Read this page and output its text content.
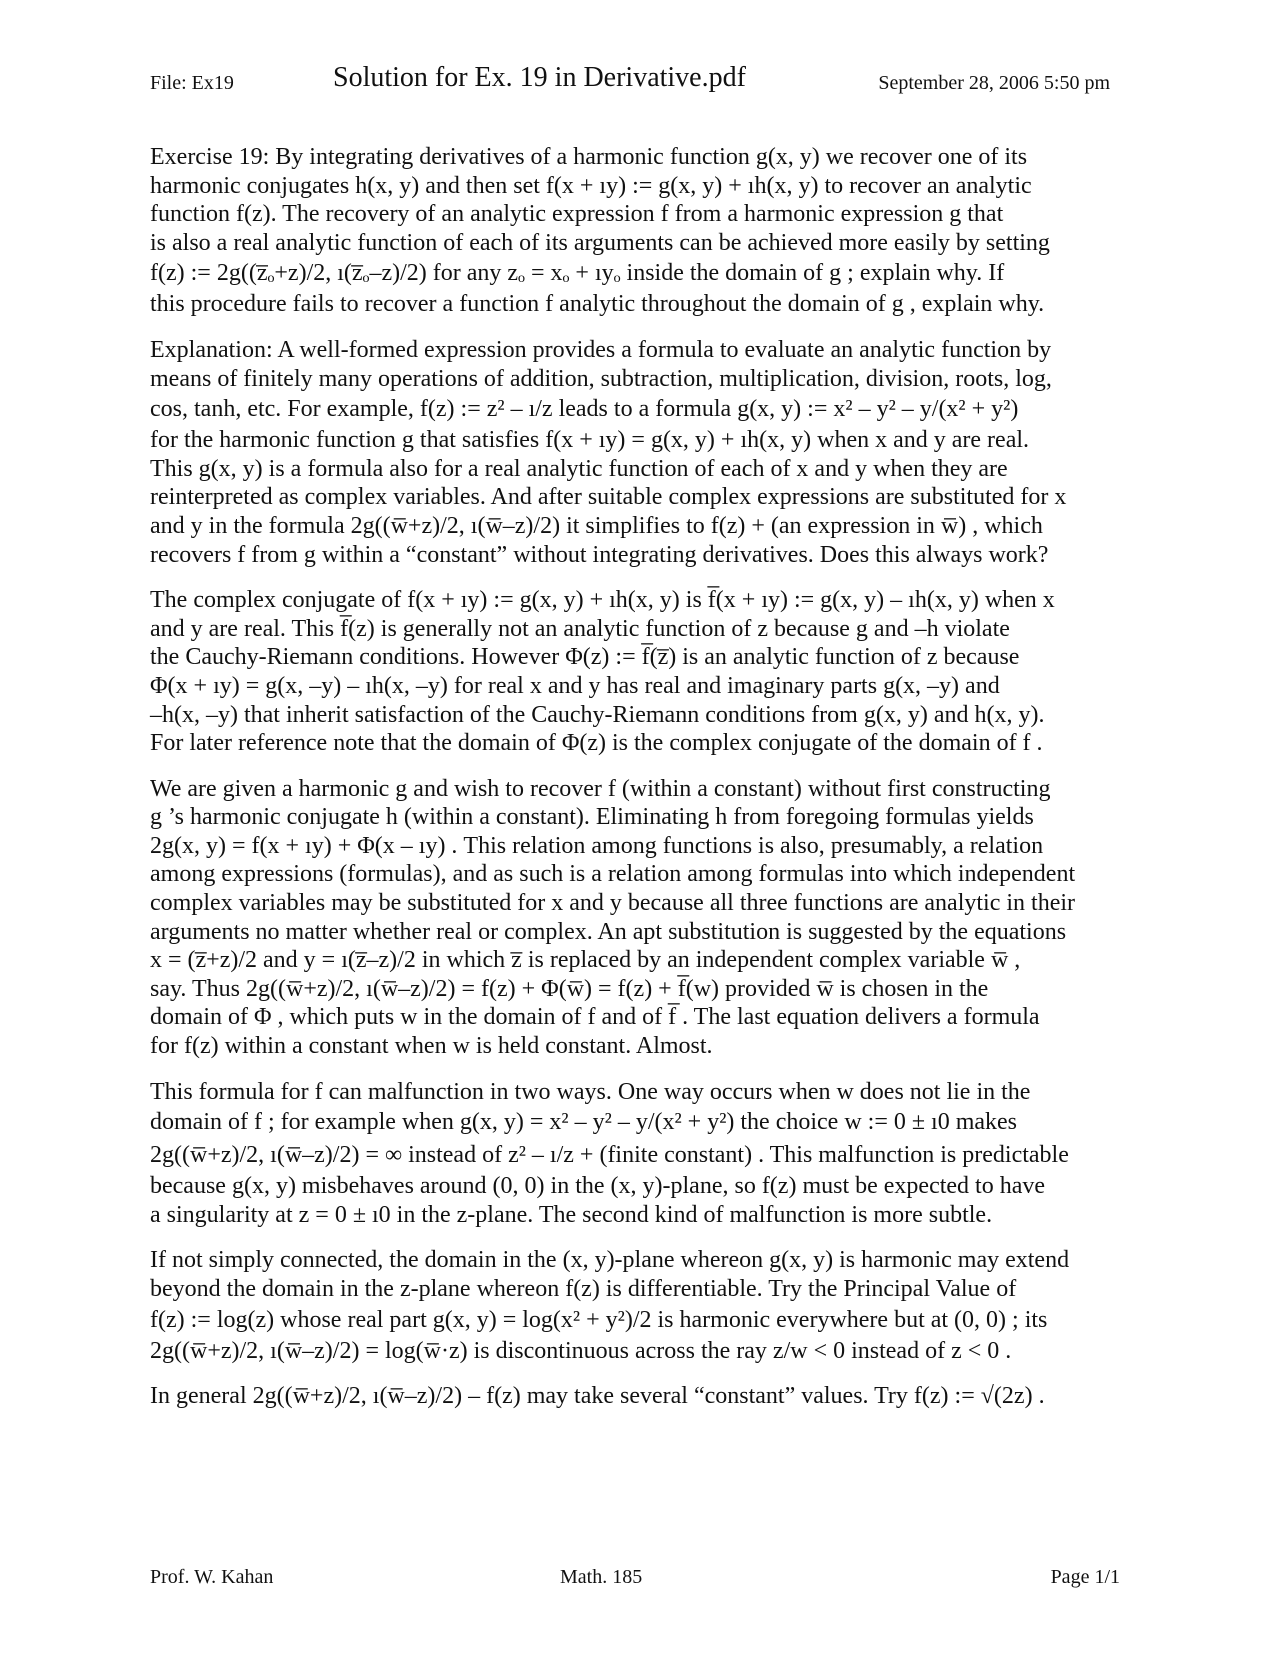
File: Ex19	Solution for Ex. 19 in Derivative.pdf	September 28, 2006 5:50 pm
Exercise 19: By integrating derivatives of a harmonic function g(x, y) we recover one of its
harmonic conjugates h(x, y) and then set f(x + ıy) := g(x, y) + ıh(x, y) to recover an analytic
function f(z). The recovery of an analytic expression f from a harmonic expression g that
is also a real analytic function of each of its arguments can be achieved more easily by setting
f(z) := 2g((z̅ₒ+z)/2, ı(z̅ₒ–z)/2) for any zₒ = xₒ + ıyₒ inside the domain of g ; explain why. If
this procedure fails to recover a function f analytic throughout the domain of g , explain why.
Explanation: A well-formed expression provides a formula to evaluate an analytic function by
means of finitely many operations of addition, subtraction, multiplication, division, roots, log,
cos, tanh, etc. For example, f(z) := z² – ı/z leads to a formula g(x, y) := x² – y² – y/(x² + y²)
for the harmonic function g that satisfies f(x + ıy) = g(x, y) + ıh(x, y) when x and y are real.
This g(x, y) is a formula also for a real analytic function of each of x and y when they are
reinterpreted as complex variables. And after suitable complex expressions are substituted for x
and y in the formula 2g((w̅+z)/2, ı(w̅–z)/2) it simplifies to f(z) + (an expression in w̅) , which
recovers f from g within a “constant” without integrating derivatives. Does this always work?
The complex conjugate of f(x + ıy) := g(x, y) + ıh(x, y) is f̅(x + ıy) := g(x, y) – ıh(x, y) when x
and y are real. This f̅(z) is generally not an analytic function of z because g and –h violate
the Cauchy-Riemann conditions. However Φ(z) := f̅(z̅) is an analytic function of z because
Φ(x + ıy) = g(x, –y) – ıh(x, –y) for real x and y has real and imaginary parts g(x, –y) and
–h(x, –y) that inherit satisfaction of the Cauchy-Riemann conditions from g(x, y) and h(x, y).
For later reference note that the domain of Φ(z) is the complex conjugate of the domain of f .
We are given a harmonic g and wish to recover f (within a constant) without first constructing
g ’s harmonic conjugate h (within a constant). Eliminating h from foregoing formulas yields
2g(x, y) = f(x + ıy) + Φ(x – ıy) . This relation among functions is also, presumably, a relation
among expressions (formulas), and as such is a relation among formulas into which independent
complex variables may be substituted for x and y because all three functions are analytic in their
arguments no matter whether real or complex. An apt substitution is suggested by the equations
x = (z̅+z)/2 and y = ı(z̅–z)/2 in which z̅ is replaced by an independent complex variable w̅ ,
say. Thus 2g((w̅+z)/2, ı(w̅–z)/2) = f(z) + Φ(w̅) = f(z) + f̅(w) provided w̅ is chosen in the
domain of Φ , which puts w in the domain of f and of f̅ . The last equation delivers a formula
for f(z) within a constant when w is held constant. Almost.
This formula for f can malfunction in two ways. One way occurs when w does not lie in the
domain of f ; for example when g(x, y) = x² – y² – y/(x² + y²) the choice w := 0 ± ı0 makes
2g((w̅+z)/2, ı(w̅–z)/2) = ∞ instead of z² – ı/z + (finite constant) . This malfunction is predictable
because g(x, y) misbehaves around (0, 0) in the (x, y)-plane, so f(z) must be expected to have
a singularity at z = 0 ± ı0 in the z-plane. The second kind of malfunction is more subtle.
If not simply connected, the domain in the (x, y)-plane whereon g(x, y) is harmonic may extend
beyond the domain in the z-plane whereon f(z) is differentiable. Try the Principal Value of
f(z) := log(z) whose real part g(x, y) = log(x² + y²)/2 is harmonic everywhere but at (0, 0) ; its
2g((w̅+z)/2, ı(w̅–z)/2) = log(w̅·z) is discontinuous across the ray z/w < 0 instead of z < 0 .
In general 2g((w̅+z)/2, ı(w̅–z)/2) – f(z) may take several “constant” values. Try f(z) := √(2z) .
Prof. W. Kahan	Math. 185	Page 1/1
